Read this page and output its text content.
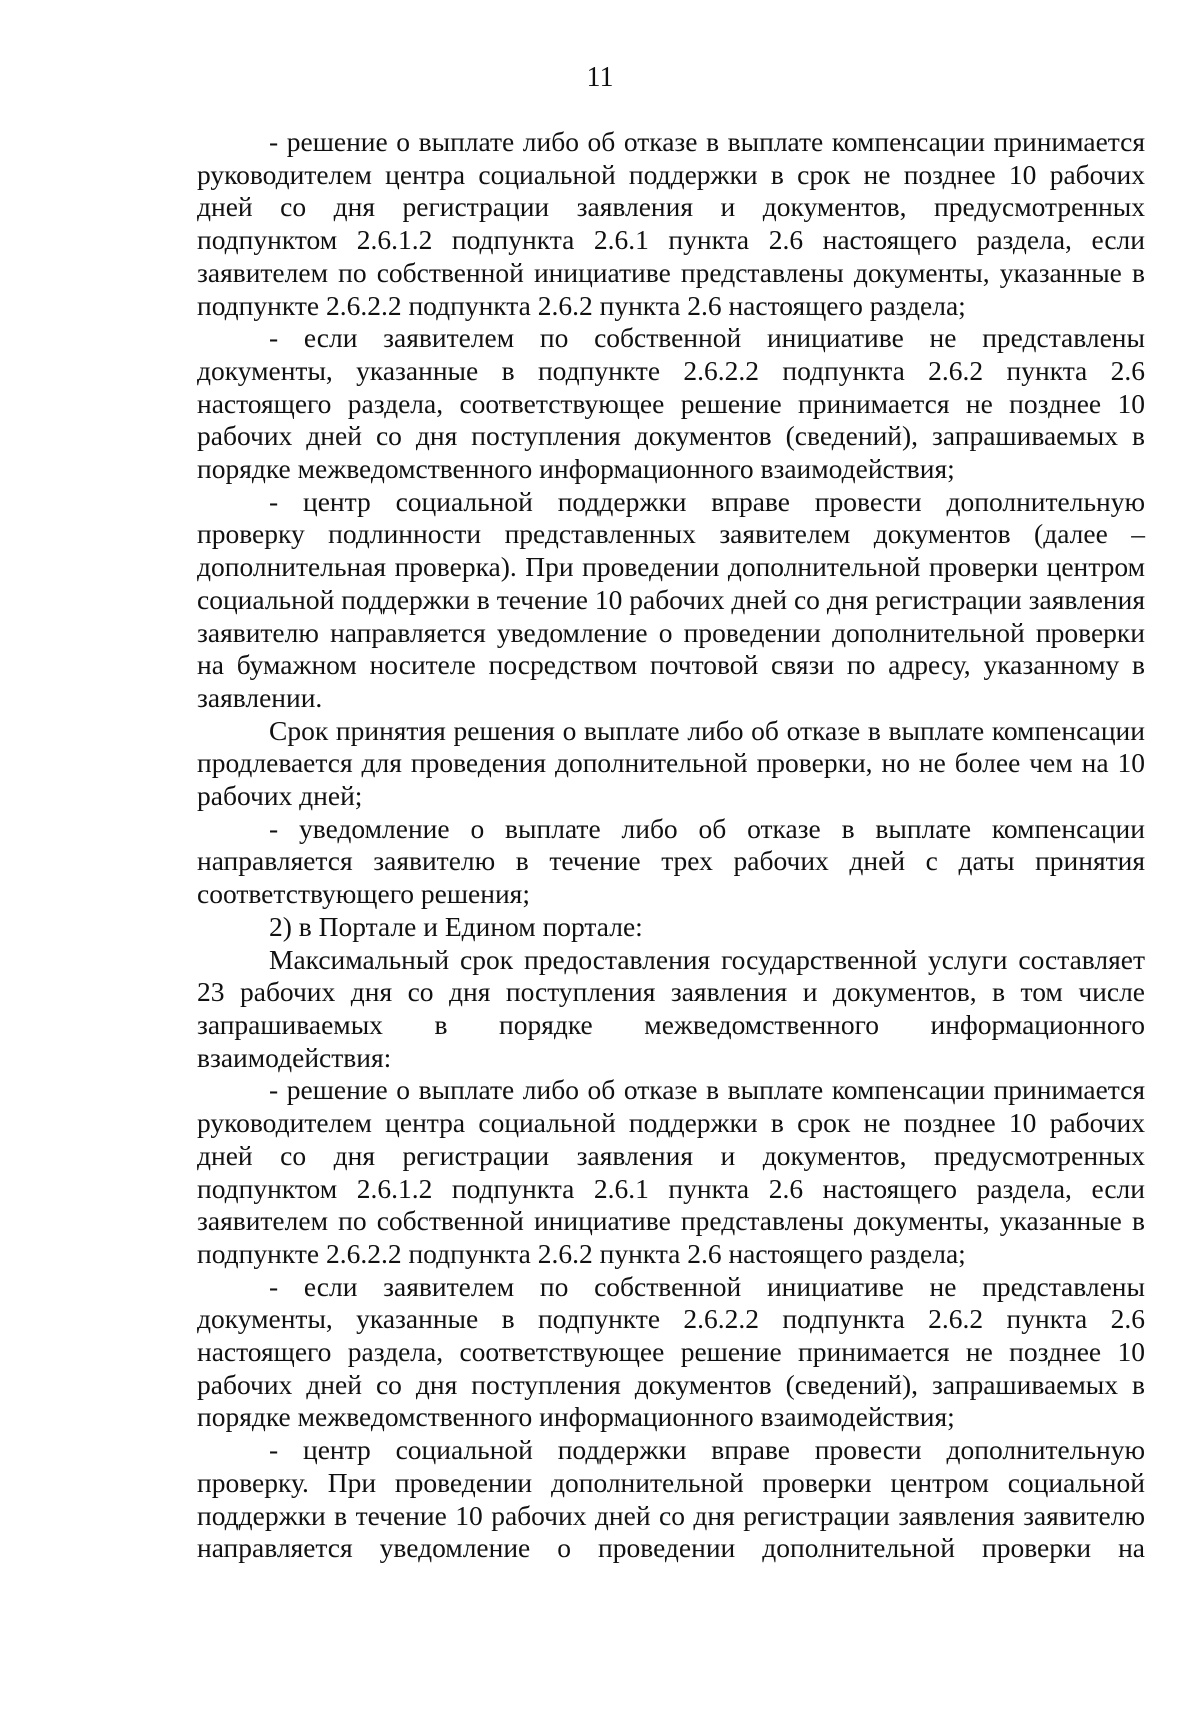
11

- решение о выплате либо об отказе в выплате компенсации принимается руководителем центра социальной поддержки в срок не позднее 10 рабочих дней со дня регистрации заявления и документов, предусмотренных подпунктом 2.6.1.2 подпункта 2.6.1 пункта 2.6 настоящего раздела, если заявителем по собственной инициативе представлены документы, указанные в подпункте 2.6.2.2 подпункта 2.6.2 пункта 2.6 настоящего раздела;

- если заявителем по собственной инициативе не представлены документы, указанные в подпункте 2.6.2.2 подпункта 2.6.2 пункта 2.6 настоящего раздела, соответствующее решение принимается не позднее 10 рабочих дней со дня поступления документов (сведений), запрашиваемых в порядке межведомственного информационного взаимодействия;

- центр социальной поддержки вправе провести дополнительную проверку подлинности представленных заявителем документов (далее – дополнительная проверка). При проведении дополнительной проверки центром социальной поддержки в течение 10 рабочих дней со дня регистрации заявления заявителю направляется уведомление о проведении дополнительной проверки на бумажном носителе посредством почтовой связи по адресу, указанному в заявлении.

Срок принятия решения о выплате либо об отказе в выплате компенсации продлевается для проведения дополнительной проверки, но не более чем на 10 рабочих дней;

- уведомление о выплате либо об отказе в выплате компенсации направляется заявителю в течение трех рабочих дней с даты принятия соответствующего решения;

2) в Портале и Едином портале:

Максимальный срок предоставления государственной услуги составляет 23 рабочих дня со дня поступления заявления и документов, в том числе запрашиваемых в порядке межведомственного информационного взаимодействия:

- решение о выплате либо об отказе в выплате компенсации принимается руководителем центра социальной поддержки в срок не позднее 10 рабочих дней со дня регистрации заявления и документов, предусмотренных подпунктом 2.6.1.2 подпункта 2.6.1 пункта 2.6 настоящего раздела, если заявителем по собственной инициативе представлены документы, указанные в подпункте 2.6.2.2 подпункта 2.6.2 пункта 2.6 настоящего раздела;

- если заявителем по собственной инициативе не представлены документы, указанные в подпункте 2.6.2.2 подпункта 2.6.2 пункта 2.6 настоящего раздела, соответствующее решение принимается не позднее 10 рабочих дней со дня поступления документов (сведений), запрашиваемых в порядке межведомственного информационного взаимодействия;

- центр социальной поддержки вправе провести дополнительную проверку. При проведении дополнительной проверки центром социальной поддержки в течение 10 рабочих дней со дня регистрации заявления заявителю направляется уведомление о проведении дополнительной проверки на
